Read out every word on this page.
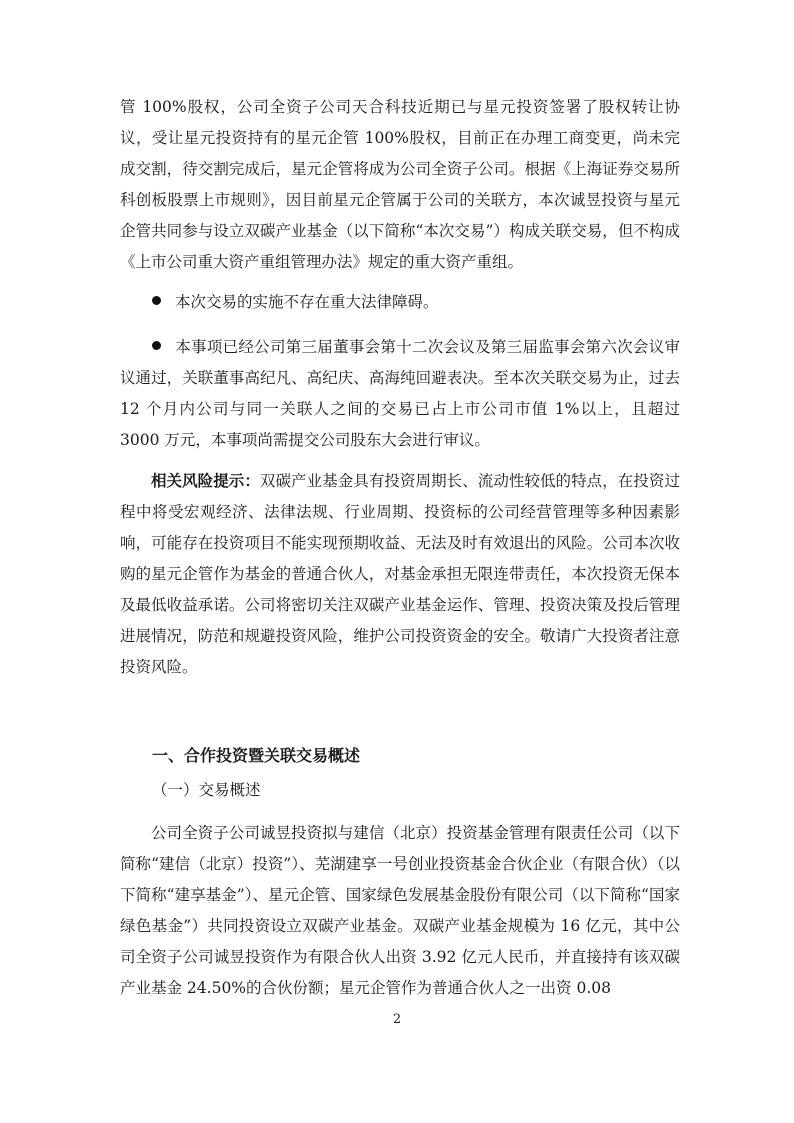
管 100%股权，公司全资子公司天合科技近期已与星元投资签署了股权转让协议，受让星元投资持有的星元企管 100%股权，目前正在办理工商变更，尚未完成交割，待交割完成后，星元企管将成为公司全资子公司。根据《上海证券交易所科创板股票上市规则》，因目前星元企管属于公司的关联方，本次诚昱投资与星元企管共同参与设立双碳产业基金（以下简称“本次交易”）构成关联交易，但不构成《上市公司重大资产重组管理办法》规定的重大资产重组。

本次交易的实施不存在重大法律障碍。

本事项已经公司第三届董事会第十二次会议及第三届监事会第六次会议审议通过，关联董事高纪凡、高纪庆、高海纯回避表决。至本次关联交易为止，过去 12 个月内公司与同一关联人之间的交易已占上市公司市值 1%以上，且超过 3000 万元，本事项尚需提交公司股东大会进行审议。

相关风险提示：双碳产业基金具有投资周期长、流动性较低的特点，在投资过程中将受宏观经济、法律法规、行业周期、投资标的公司经营管理等多种因素影响，可能存在投资项目不能实现预期收益、无法及时有效退出的风险。公司本次收购的星元企管作为基金的普通合伙人，对基金承担无限连带责任，本次投资无保本及最低收益承诺。公司将密切关注双碳产业基金运作、管理、投资决策及投后管理进展情况，防范和规避投资风险，维护公司投资资金的安全。敬请广大投资者注意投资风险。

一、合作投资暨关联交易概述
（一）交易概述

公司全资子公司诚昱投资拟与建信（北京）投资基金管理有限责任公司（以下简称“建信（北京）投资”）、芜湖建享一号创业投资基金合伙企业（有限合伙）（以下简称“建享基金”）、星元企管、国家绿色发展基金股份有限公司（以下简称“国家绿色基金”）共同投资设立双碳产业基金。双碳产业基金规模为 16 亿元，其中公司全资子公司诚昱投资作为有限合伙人出资 3.92 亿元人民币，并直接持有该双碳产业基金 24.50%的合伙份额；星元企管作为普通合伙人之一出资 0.08

2
